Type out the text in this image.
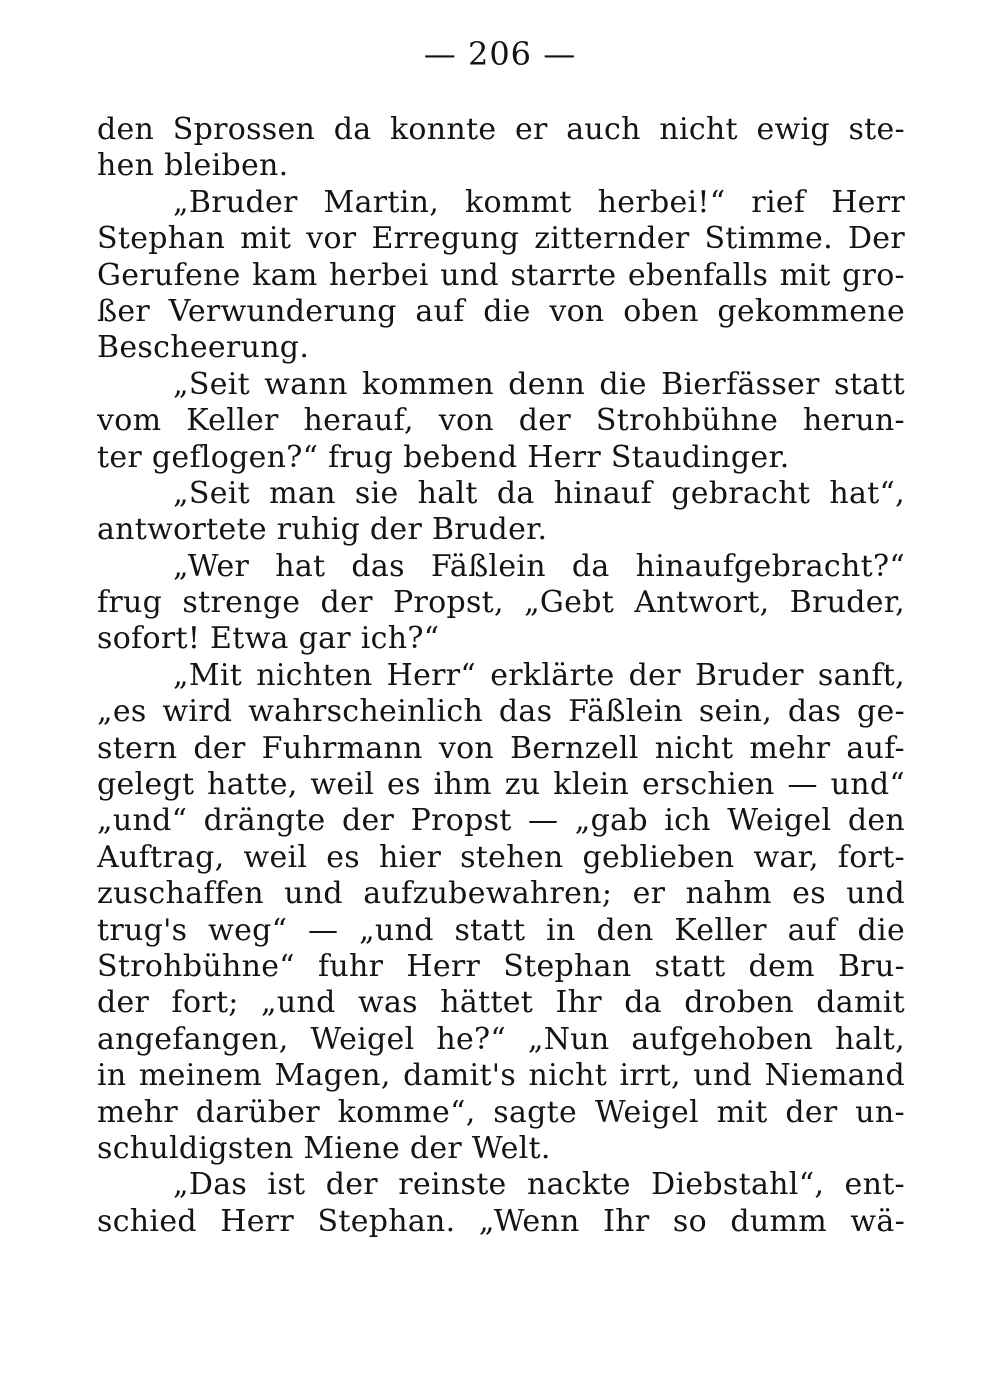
— 206 —
den Sprossen da konnte er auch nicht ewig ste-
hen bleiben.
„Bruder Martin, kommt herbei!“ rief Herr
Stephan mit vor Erregung zitternder Stimme. Der
Gerufene kam herbei und starrte ebenfalls mit gro-
ßer Verwunderung auf die von oben gekommene
Bescheerung.
„Seit wann kommen denn die Bierfässer statt
vom Keller herauf, von der Strohbühne herun-
ter geflogen?“ frug bebend Herr Staudinger.
„Seit man sie halt da hinauf gebracht hat“,
antwortete ruhig der Bruder.
„Wer hat das Fäßlein da hinaufgebracht?“
frug strenge der Propst, „Gebt Antwort, Bruder,
sofort! Etwa gar ich?“
„Mit nichten Herr“ erklärte der Bruder sanft,
„es wird wahrscheinlich das Fäßlein sein, das ge-
stern der Fuhrmann von Bernzell nicht mehr auf-
gelegt hatte, weil es ihm zu klein erschien — und“
„und“ drängte der Propst — „gab ich Weigel den
Auftrag, weil es hier stehen geblieben war, fort-
zuschaffen und aufzubewahren; er nahm es und
trug's weg“ — „und statt in den Keller auf die
Strohbühne“ fuhr Herr Stephan statt dem Bru-
der fort; „und was hättet Ihr da droben damit
angefangen, Weigel he?“ „Nun aufgehoben halt,
in meinem Magen, damit's nicht irrt, und Niemand
mehr darüber komme“, sagte Weigel mit der un-
schuldigsten Miene der Welt.
„Das ist der reinste nackte Diebstahl“, ent-
schied Herr Stephan. „Wenn Ihr so dumm wä-
